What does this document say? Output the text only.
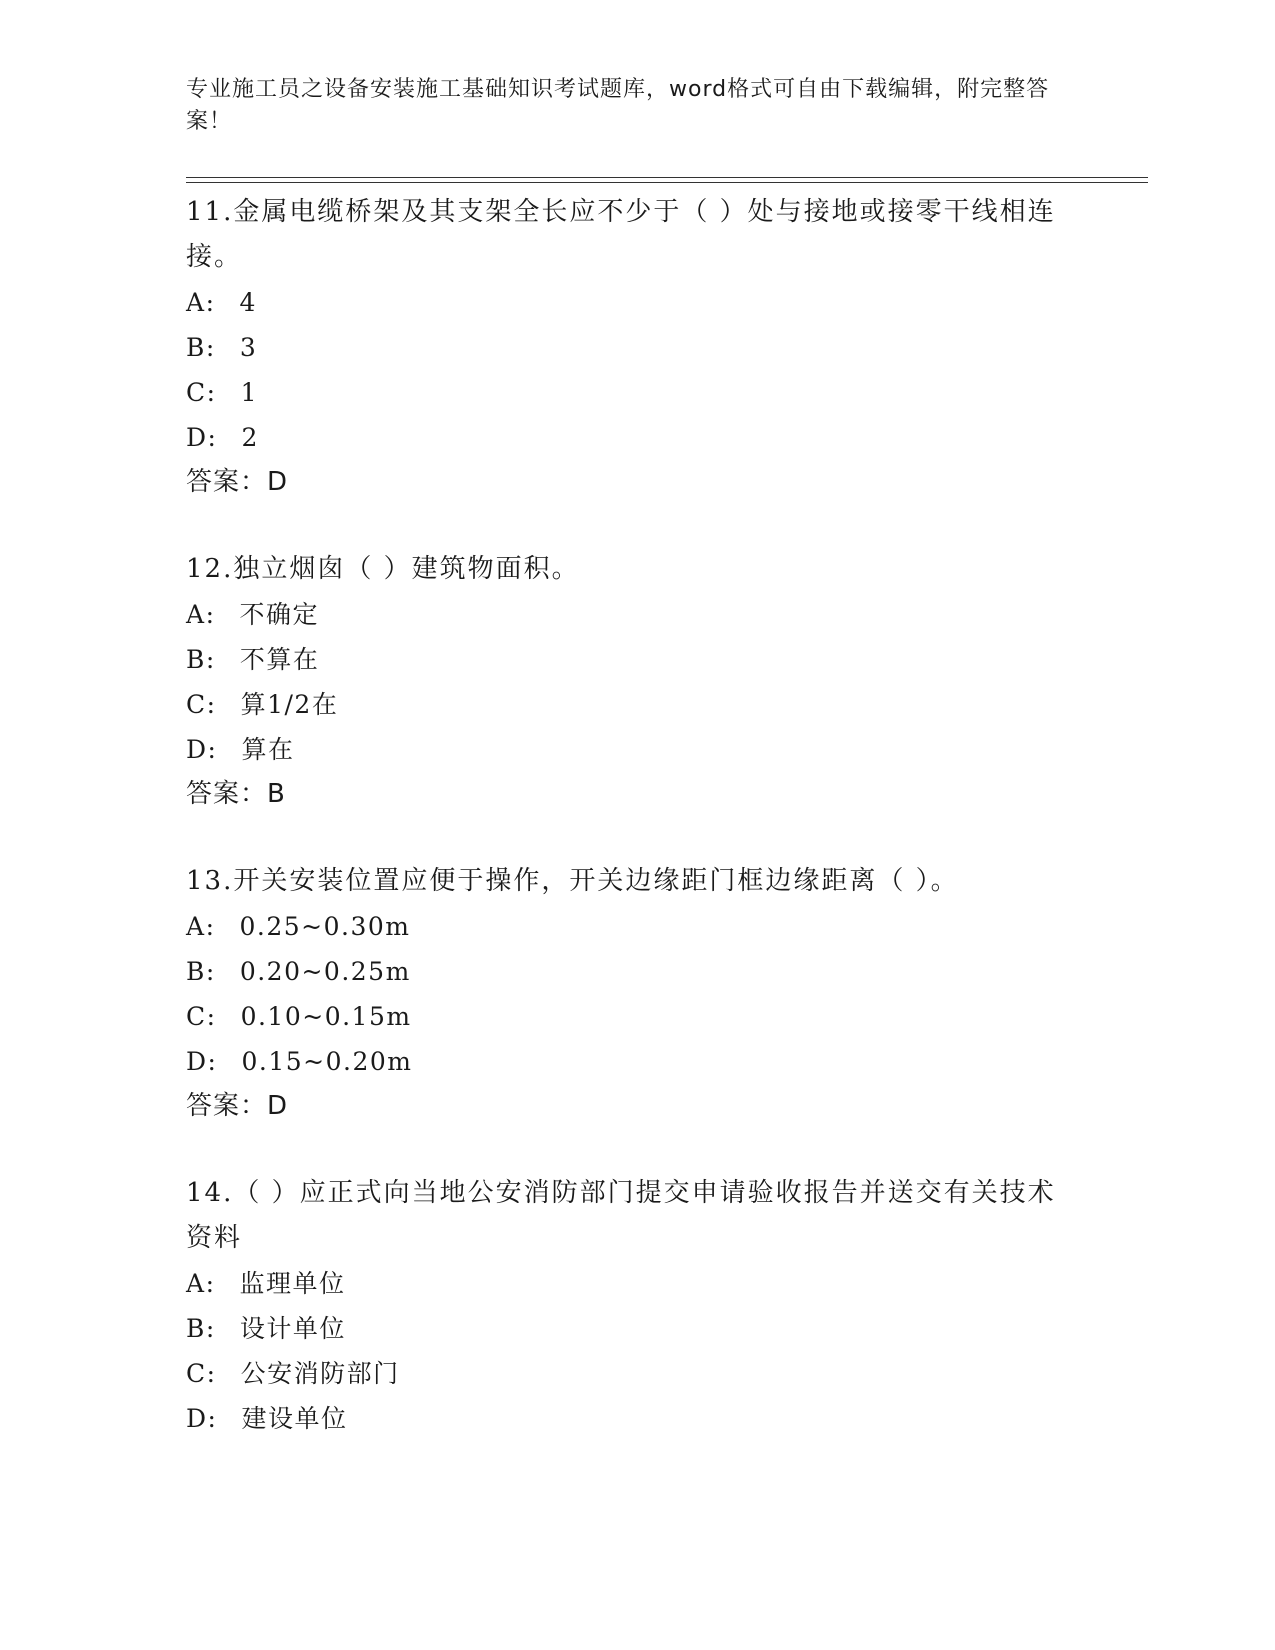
专业施工员之设备安装施工基础知识考试题库，word格式可自由下载编辑，附完整答案！
11.金属电缆桥架及其支架全长应不少于（ ）处与接地或接零干线相连接。
A: 4
B: 3
C: 1
D: 2
答案：D
12.独立烟囱（ ）建筑物面积。
A: 不确定
B: 不算在
C: 算1/2在
D: 算在
答案：B
13.开关安装位置应便于操作，开关边缘距门框边缘距离（ ）。
A: 0.25~0.30m
B: 0.20~0.25m
C: 0.10~0.15m
D: 0.15~0.20m
答案：D
14.（ ）应正式向当地公安消防部门提交申请验收报告并送交有关技术资料
A: 监理单位
B: 设计单位
C: 公安消防部门
D: 建设单位
